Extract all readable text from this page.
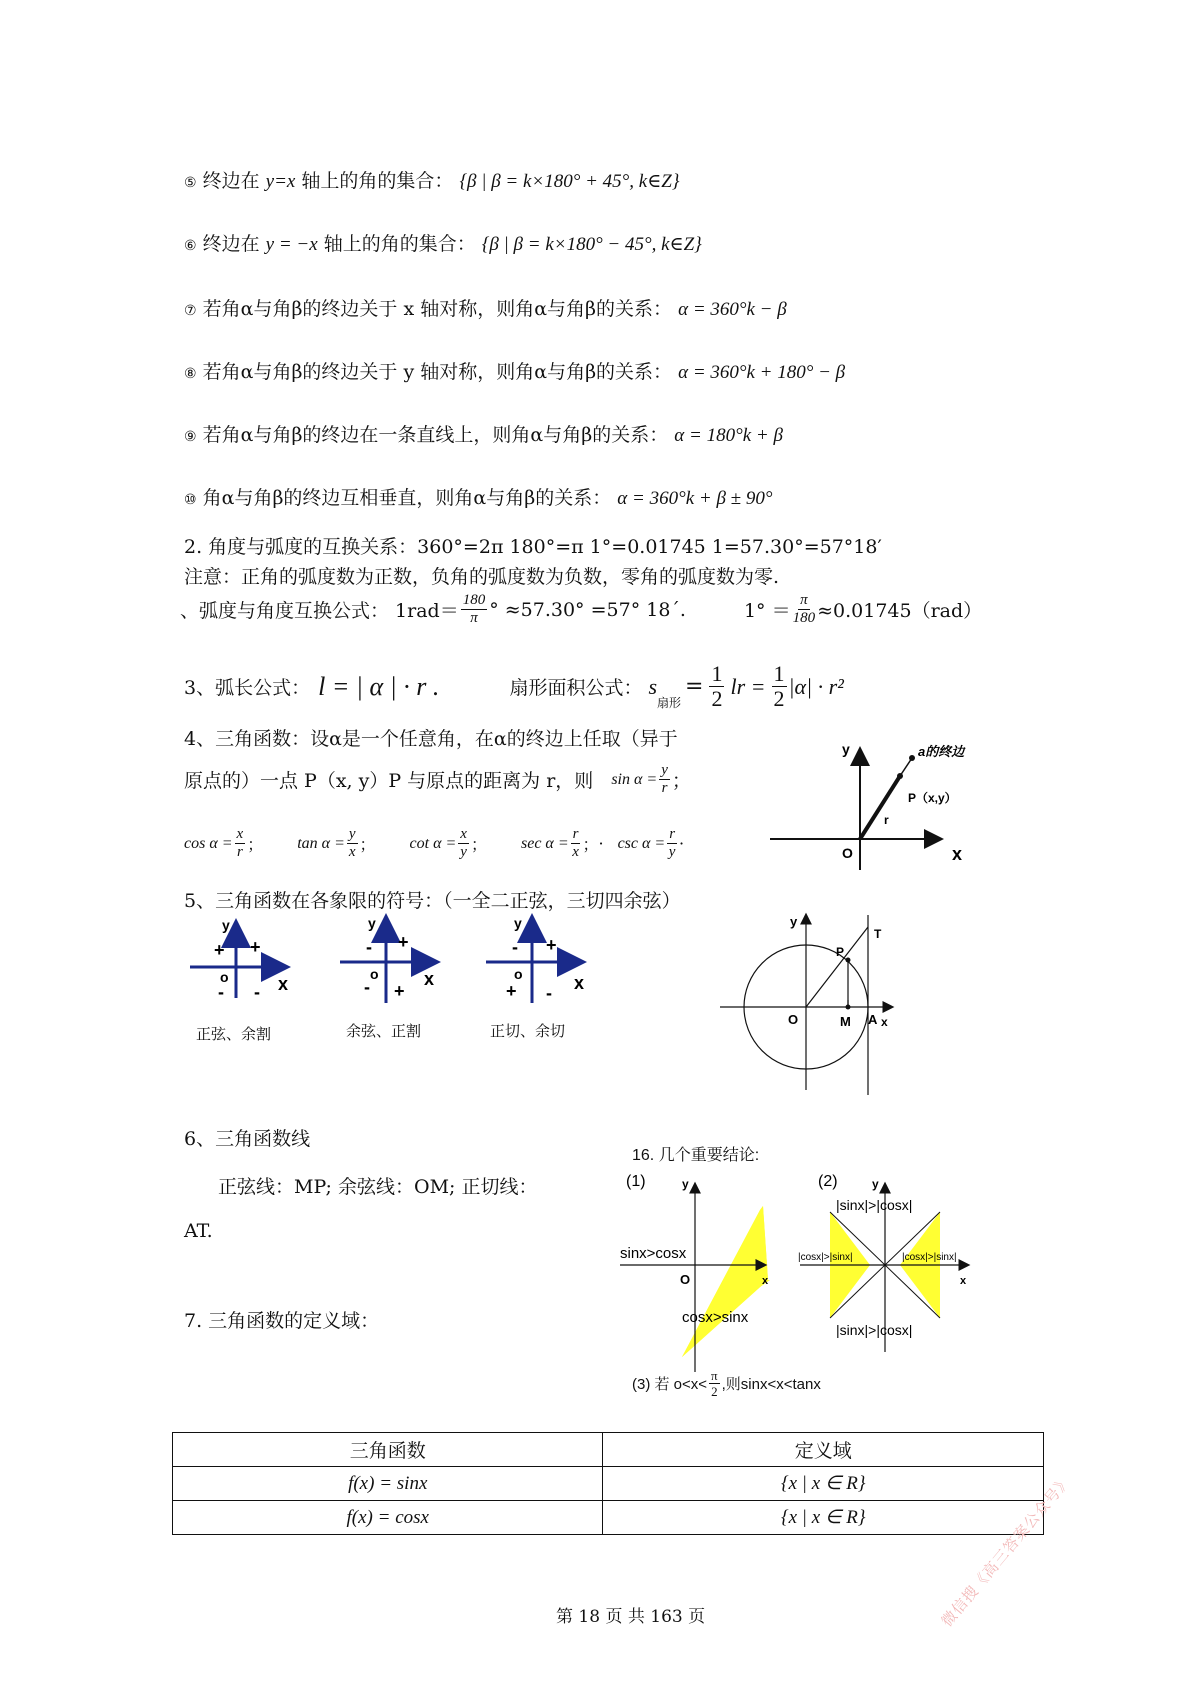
⑤ 终边在 y=x 轴上的角的集合： {β | β = k×180° + 45°, k∈Z}
⑥ 终边在 y = −x 轴上的角的集合： {β | β = k×180° − 45°, k∈Z}
⑦ 若角α与角β的终边关于 x 轴对称，则角α与角β的关系： α = 360°k − β
⑧ 若角α与角β的终边关于 y 轴对称，则角α与角β的关系： α = 360°k + 180° − β
⑨ 若角α与角β的终边在一条直线上，则角α与角β的关系： α = 180°k + β
⑩ 角α与角β的终边互相垂直，则角α与角β的关系： α = 360°k + β ± 90°
2. 角度与弧度的互换关系：360°=2π 180°=π 1°=0.01745 1=57.30°=57°18′
注意：正角的弧度数为正数，负角的弧度数为负数，零角的弧度数为零.
、弧度与角度互换公式： $1rad= \frac{180}{\pi}$ ° ≈57.30° =57° 18ˊ.	$1^\circ = \frac{\pi}{180} \approx 0.01745(rad)$
3、弧长公式： l = | α | · r .	扇形面积公式： s
扇形
= $\frac{1}{2}$ lr = $\frac{1}{2} |\alpha| \cdot r^2$
4、三角函数：设α是一个任意角，在α的终边上任取（异于
原点的）一点 P（x, y）P 与原点的距离为 r，则 $\sin \alpha = \frac{y}{r}$ ；
$\cos \alpha = \frac{x}{r}$ ； $\tan \alpha = \frac{y}{x}$ ； $\cot \alpha = \frac{x}{y}$ ； $\sec \alpha = \frac{r}{x}$ ； · $\csc \alpha = \frac{r}{y}$ ·
y
x
O
a的终边
P（x,y）
r
5、三角函数在各象限的符号：（一全二正弦，三切四余弦）
y
x
o
+
+
- -
正弦、余割
y
x
o
+
-
- +
余弦、正割
y
x
o
+
-
+ -
正切、余切
y
T
P
O	M A x
6、三角函数线
正弦线：MP; 余弦线：OM; 正切线：
AT.
7. 三角函数的定义域：
16. 几个重要结论:
(1)	y
x
O
sinx>cosx
cosx>sinx
(2)	y
x
|sinx|>|cosx|
|sinx|>|cosx|
|cosx|>|sinx|	|cosx|>|sinx|
(3) 若 $o<x< \frac{\pi}{2}$ ,则sinx<x<tanx
三角函数	定义域
f(x) = sinx	{x | x ∈ R}
f(x) = cosx	{x | x ∈ R}
第 18 页 共 163 页	微信搜《高三答案公众号》
